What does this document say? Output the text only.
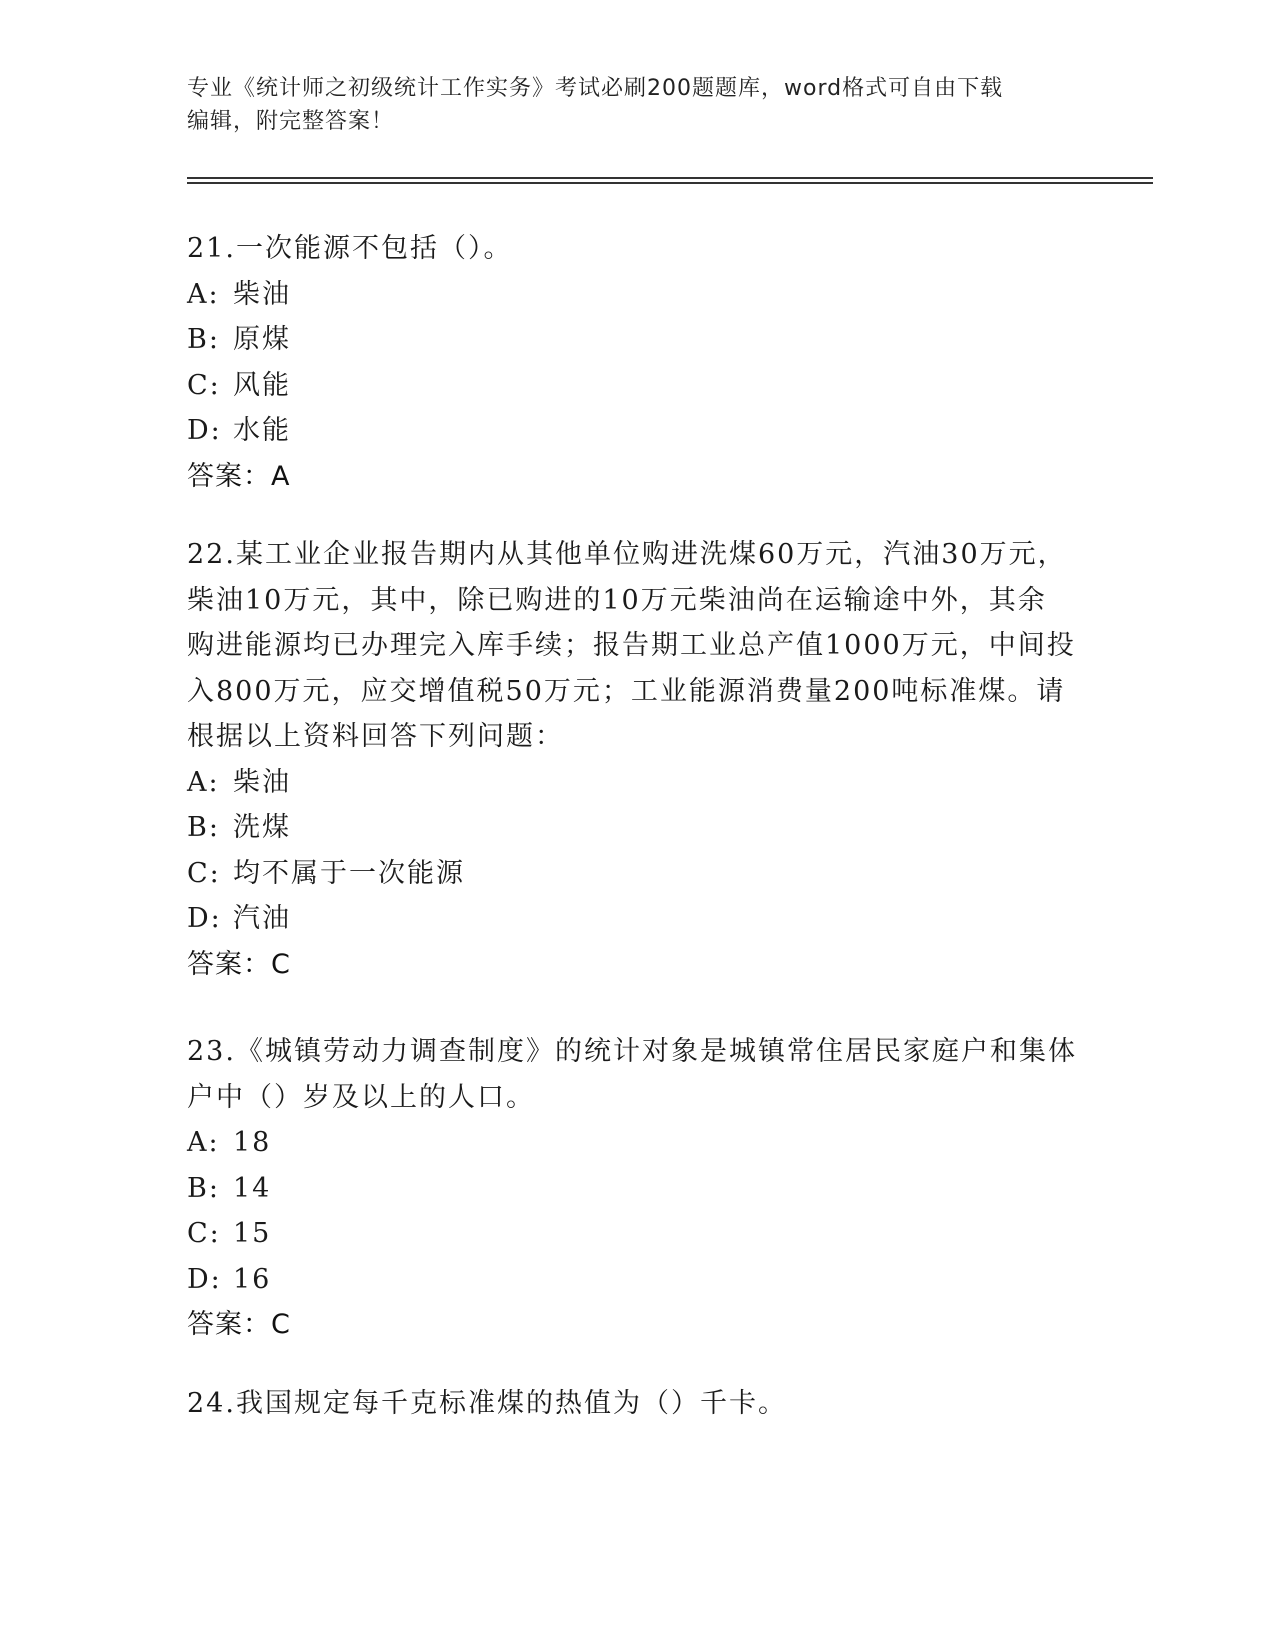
专业《统计师之初级统计工作实务》考试必刷200题题库，word格式可自由下载
编辑，附完整答案！

21.一次能源不包括（）。

A: 柴油

B: 原煤

C: 风能

D: 水能

答案：A

22.某工业企业报告期内从其他单位购进洗煤60万元，汽油30万元，

柴油10万元，其中，除已购进的10万元柴油尚在运输途中外，其余

购进能源均已办理完入库手续；报告期工业总产值1000万元，中间投

入800万元，应交增值税50万元；工业能源消费量200吨标准煤。请

根据以上资料回答下列问题：

A: 柴油

B: 洗煤

C: 均不属于一次能源

D: 汽油

答案：C

23.《城镇劳动力调查制度》的统计对象是城镇常住居民家庭户和集体

户中（）岁及以上的人口。

A: 18

B: 14

C: 15

D: 16

答案：C

24.我国规定每千克标准煤的热值为（）千卡。
